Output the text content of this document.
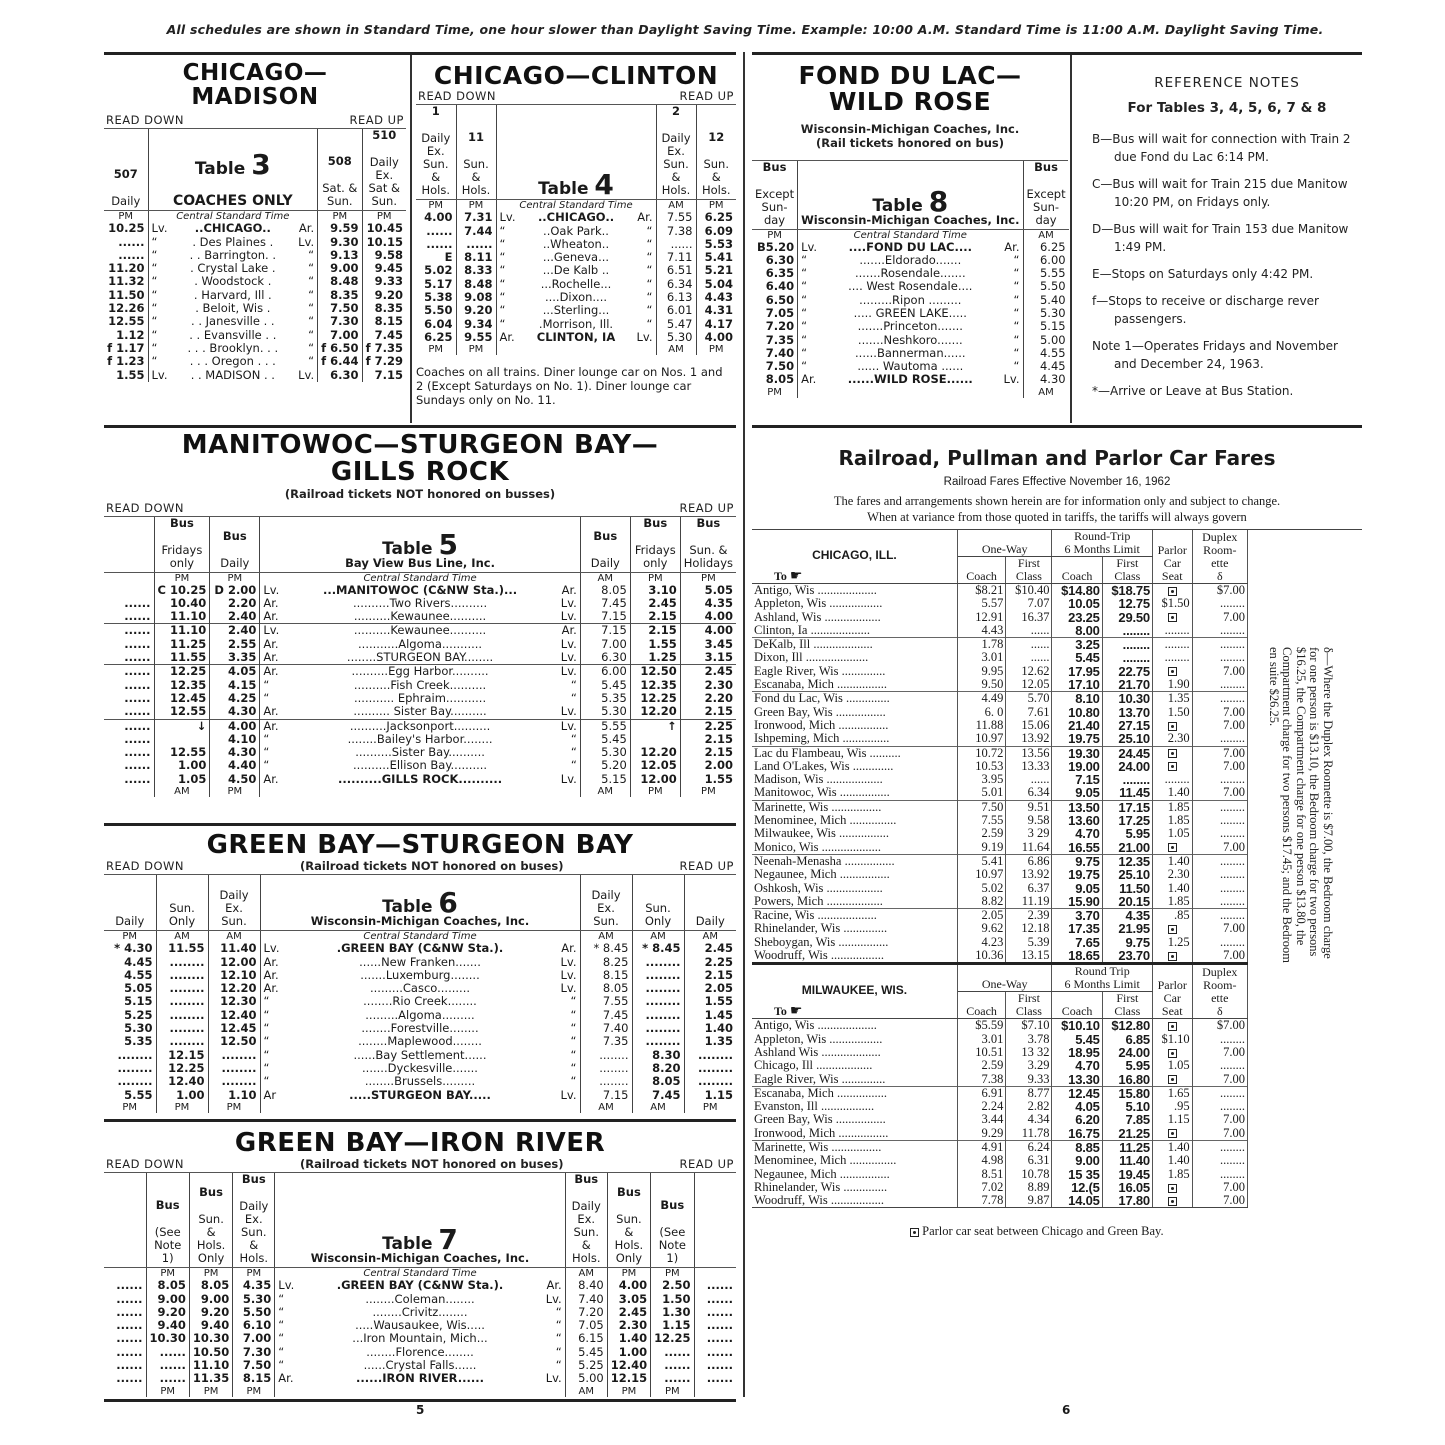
All schedules are shown in Standard Time, one hour slower than Daylight Saving Time. Example: 10:00 A.M. Standard Time is 11:00 A.M. Daylight Saving Time.
CHICAGO—
MADISON
READ DOWN	READ UP
507
Daily

Table 3
COACHES ONLY

508
Sat. & Sun.

510
Daily Ex. Sat & Sun.

PM	Central Standard Time			PM	PM
10.25	Lv.	..CHICAGO..	Ar.	9.59	10.45
......	“	. Des Plaines .	Lv.	9.30	10.15
......	“	. . Barrington. .	“	9.13	9.58
11.20	“	. Crystal Lake .	“	9.00	9.45
11.32	“	. Woodstock .	“	8.48	9.33
11.50	“	. Harvard, Ill .	“	8.35	9.20
12.26	“	. Beloit, Wis .	“	7.50	8.35
12.55	“	. . Janesville . .	“	7.30	8.15
1.12	“	. . Evansville . .	“	7.00	7.45
f 1.17	“	. . . Brooklyn. . .	“	f 6.50	f 7.35
f 1.23	“	. . . Oregon . . .	“	f 6.44	f 7.29
1.55	Lv.	. . MADISON . .	Lv.	6.30	7.15
CHICAGO—CLINTON
READ DOWN	READ UP
1
Daily Ex. Sun. & Hols.

11
Sun. & Hols.	Table 4

2
Daily Ex. Sun. & Hols.

12
Sun. & Hols.

PM	PM	Central Standard Time			AM	PM
4.00	7.31	Lv.	..CHICAGO..	Ar.	7.55	6.25
......	7.44	“	..Oak Park..	“	7.38	6.09
......	......	“	..Wheaton..	“	......	5.53
E	8.11	“	...Geneva...	“	7.11	5.41
5.02	8.33	“	...De Kalb ..	“	6.51	5.21
5.17	8.48	“	...Rochelle...	“	6.34	5.04
5.38	9.08	“	....Dixon....	“	6.13	4.43
5.50	9.20	“	...Sterling...	“	6.01	4.31
6.04	9.34	“	.Morrison, Ill.	“	5.47	4.17
6.25	9.55	Ar.	CLINTON, IA	Lv.	5.30	4.00
PM	PM				AM	PM
Coaches on all trains. Diner lounge car on Nos. 1 and 2 (Except Saturdays on No. 1). Diner lounge car Sundays only on No. 11.
MANITOWOC—STURGEON BAY—
GILLS ROCK
(Railroad tickets NOT honored on busses)
READ DOWN	READ UP

Bus
Fridays only

Bus
Daily

Table 5
Bay View Bus Line, Inc.

Bus
Daily

Bus
Fridays only

Bus
Sun. & Holidays

	PM	PM	Central Standard Time			AM	PM	PM
	C 10.25	D 2.00	Lv.	...MANITOWOC (C&NW Sta.)...	Ar.	8.05	3.10	5.05
......	10.40	2.20	Ar.	..........Two Rivers..........	Lv.	7.45	2.45	4.35
......	11.10	2.40	Ar.	..........Kewaunee..........	Lv.	7.15	2.15	4.00
......	11.10	2.40	Lv.	..........Kewaunee..........	Ar.	7.15	2.15	4.00
......	11.25	2.55	Ar.	...........Algoma...........	Lv.	7.00	1.55	3.45
......	11.55	3.35	Ar.	........STURGEON BAY........	Lv.	6.30	1.25	3.15
......	12.25	4.05	Ar.	..........Egg Harbor..........	Lv.	6.00	12.50	2.45
......	12.35	4.15	“	..........Fish Creek..........	“	5.45	12.35	2.30
......	12.45	4.25	“	........... Ephraim...........	“	5.35	12.25	2.20
......	12.55	4.30	Ar.	.......... Sister Bay..........	Lv.	5.30	12.20	2.15
......	↓	4.00	Ar.	..........Jacksonport..........	Lv.	5.55	↑	2.25
......		4.10	“	........Bailey's Harbor........	“	5.45		2.15
......	12.55	4.30	“	..........Sister Bay..........	“	5.30	12.20	2.15
......	1.00	4.40	“	..........Ellison Bay..........	“	5.20	12.05	2.00
......	1.05	4.50	Ar.	..........GILLS ROCK..........	Lv.	5.15	12.00	1.55
	AM	PM				AM	PM	PM
GREEN BAY—STURGEON BAY
READ DOWN	(Railroad tickets NOT honored on buses)	READ UP
Daily	Sun. Only	Daily Ex. Sun.	Table 6
Wisconsin-Michigan Coaches, Inc.			Daily Ex. Sun.	Sun. Only	Daily

PM	AM	AM	Central Standard Time			AM	AM	AM
* 4.30	11.55	11.40	Lv.	.GREEN BAY (C&NW Sta.).	Ar.	* 8.45	* 8.45	2.45
4.45	........	12.00	Ar.	......New Franken.......	Lv.	8.25	........	2.25
4.55	........	12.10	Ar.	.......Luxemburg........	Lv.	8.15	........	2.15
5.05	........	12.20	Ar.	.........Casco.........	Lv.	8.05	........	2.05
5.15	........	12.30	“	........Rio Creek........	“	7.55	........	1.55
5.25	........	12.40	“	.........Algoma.........	“	7.45	........	1.45
5.30	........	12.45	“	........Forestville........	“	7.40	........	1.40
5.35	........	12.50	“	........Maplewood........	“	7.35	........	1.35
........	12.15	........	“	......Bay Settlement......	“	........	8.30	........
........	12.25	........	“	.......Dyckesville.......	“	........	8.20	........
........	12.40	........	“	........Brussels.........	“	........	8.05	........
5.55	1.00	1.10	Ar	.....STURGEON BAY.....	Lv.	7.15	7.45	1.15
PM	PM	PM				AM	AM	PM
GREEN BAY—IRON RIVER
READ DOWN	(Railroad tickets NOT honored on buses)	READ UP

Bus
(See Note 1)

Bus
Sun. & Hols. Only

Bus
Daily Ex. Sun. & Hols.

Table 7
Wisconsin-Michigan Coaches, Inc.

Bus
Daily Ex. Sun. & Hols.

Bus
Sun. & Hols. Only

Bus
(See Note 1)

	PM	PM	PM	Central Standard Time			AM	PM	PM	
......	8.05	8.05	4.35	Lv.	.GREEN BAY (C&NW Sta.).	Ar.	8.40	4.00	2.50	......
......	9.00	9.00	5.30	“	........Coleman........	Lv.	7.40	3.05	1.50	......
......	9.20	9.20	5.50	“	........Crivitz........	“	7.20	2.45	1.30	......
......	9.40	9.40	6.10	“	.....Wausaukee, Wis.....	“	7.05	2.30	1.15	......
......	10.30	10.30	7.00	“	...Iron Mountain, Mich...	“	6.15	1.40	12.25	......
......	......	10.50	7.30	“	........Florence........	“	5.45	1.00	......	......
......	......	11.10	7.50	“	......Crystal Falls......	“	5.25	12.40	......	......
......	......	11.35	8.15	Ar.	......IRON RIVER......	Lv.	5.00	12.15	......	......
	PM	PM	PM				AM	PM	PM	
FOND DU LAC—
WILD ROSE
Wisconsin-Michigan Coaches, Inc.
(Rail tickets honored on bus)
Bus
Except Sun- day

Table 8
Wisconsin-Michigan Coaches, Inc.

Bus
Except Sun- day

PM	Central Standard Time			AM
B5.20	Lv.	....FOND DU LAC....	Ar.	6.25
6.30	“	.......Eldorado.......	“	6.00
6.35	“	.......Rosendale.......	“	5.55
6.40	“	.... West Rosendale....	“	5.50
6.50	“	.........Ripon .........	“	5.40
7.05	“	..... GREEN LAKE.....	“	5.30
7.20	“	.......Princeton.......	“	5.15
7.35	“	.......Neshkoro.......	“	5.00
7.40	“	......Bannerman......	“	4.55
7.50	“	...... Wautoma ......	“	4.45
8.05	Ar.	......WILD ROSE......	Lv.	4.30
PM				AM
REFERENCE NOTES
For Tables 3, 4, 5, 6, 7 & 8

B—Bus will wait for connection with Train 2
due Fond du Lac 6:14 PM.

C—Bus will wait for Train 215 due Manitow
10:20 PM, on Fridays only.

D—Bus will wait for Train 153 due Manitow
1:49 PM.

E—Stops on Saturdays only 4:42 PM.

f—Stops to receive or discharge rever
passengers.

Note 1—Operates Fridays and November
and December 24, 1963.

*—Arrive or Leave at Bus Station.

Railroad, Pullman and Parlor Car Fares
Railroad Fares Effective November 16, 1962
The fares and arrangements shown herein are for information only and subject to change.
When at variance from those quoted in tariffs, the tariffs will always govern
CHICAGO, ILL.
To ☛
	One-Way	
Round-Trip
6 Months Limit	Parlor Car Seat	
Duplex Room- ette
δ

	Coach	First Class	Coach	First Class		
Antigo, Wis ...................	$8.21	$10.40	$14.80	$18.75		$7.00
Appleton, Wis .................	5.57	7.07	10.05	12.75	$1.50	........
Ashland, Wis ..................	12.91	16.37	23.25	29.50		7.00
Clinton, Ia ...................	4.43	......	8.00	........	........	........
DeKalb, Ill ...................	1.78	......	3.25	........	........	........
Dixon, Ill ....................	3.01	......	5.45	........	........	........
Eagle River, Wis ..............	9.95	12.62	17.95	22.75		7.00
Escanaba, Mich ................	9.50	12.05	17.10	21.70	1.90	........
Fond du Lac, Wis ..............	4.49	5.70	8.10	10.30	1.35	........
Green Bay, Wis ................	6. 0	7.61	10.80	13.70	1.50	7.00
Ironwood, Mich ................	11.88	15.06	21.40	27.15		7.00
Ishpeming, Mich ...............	10.97	13.92	19.75	25.10	2.30	........
Lac du Flambeau, Wis ..........	10.72	13.56	19.30	24.45		7.00
Land O'Lakes, Wis .............	10.53	13.33	19.00	24.00		7.00
Madison, Wis ..................	3.95	......	7.15	........	........	........
Manitowoc, Wis ................	5.01	6.34	9.05	11.45	1.40	7.00
Marinette, Wis ................	7.50	9.51	13.50	17.15	1.85	........
Menominee, Mich ...............	7.55	9.58	13.60	17.25	1.85	........
Milwaukee, Wis ................	2.59	3 29	4.70	5.95	1.05	........
Monico, Wis ...................	9.19	11.64	16.55	21.00		7.00
Neenah-Menasha ................	5.41	6.86	9.75	12.35	1.40	........
Negaunee, Mich ................	10.97	13.92	19.75	25.10	2.30	........
Oshkosh, Wis ..................	5.02	6.37	9.05	11.50	1.40	........
Powers, Mich ..................	8.82	11.19	15.90	20.15	1.85	........
Racine, Wis ...................	2.05	2.39	3.70	4.35	.85	........
Rhinelander, Wis ..............	9.62	12.18	17.35	21.95		7.00
Sheboygan, Wis ................	4.23	5.39	7.65	9.75	1.25	........
Woodruff, Wis .................	10.36	13.15	18.65	23.70		7.00
MILWAUKEE, WIS.
To ☛
	One-Way	
Round Trip
6 Months Limit	Parlor Car Seat	
Duplex Room- ette
δ

	Coach	First Class	Coach	First Class		
Antigo, Wis ...................	$5.59	$7.10	$10.10	$12.80		$7.00
Appleton, Wis .................	3.01	3.78	5.45	6.85	$1.10	........
Ashland Wis ...................	10.51	13 32	18.95	24.00		7.00
Chicago, Ill ..................	2.59	3.29	4.70	5.95	1.05	........
Eagle River, Wis ..............	7.38	9.33	13.30	16.80		7.00
Escanaba, Mich ................	6.91	8.77	12.45	15.80	1.65	........
Evanston, Ill .................	2.24	2.82	4.05	5.10	.95	........
Green Bay, Wis ................	3.44	4.34	6.20	7.85	1.15	7.00
Ironwood, Mich ................	9.29	11.78	16.75	21.25		7.00
Marinette, Wis ................	4.91	6.24	8.85	11.25	1.40	........
Menominee, Mich ...............	4.98	6.31	9.00	11.40	1.40	........
Negaunee, Mich ................	8.51	10.78	15 35	19.45	1.85	........
Rhinelander, Wis ..............	7.02	8.89	12.(5	16.05		7.00
Woodruff, Wis .................	7.78	9.87	14.05	17.80		7.00
Parlor car seat between Chicago and Green Bay.
δ—Where the Duplex Roomette is $7.00, the Bedroom charge
for one person is $13.10, the Bedroom charge for two persons
$16.25, the Compartment charge for one person $13.80, the
Compartment charge for two persons $17.45; and the Bedroom
en suite $26.25.
5	6
